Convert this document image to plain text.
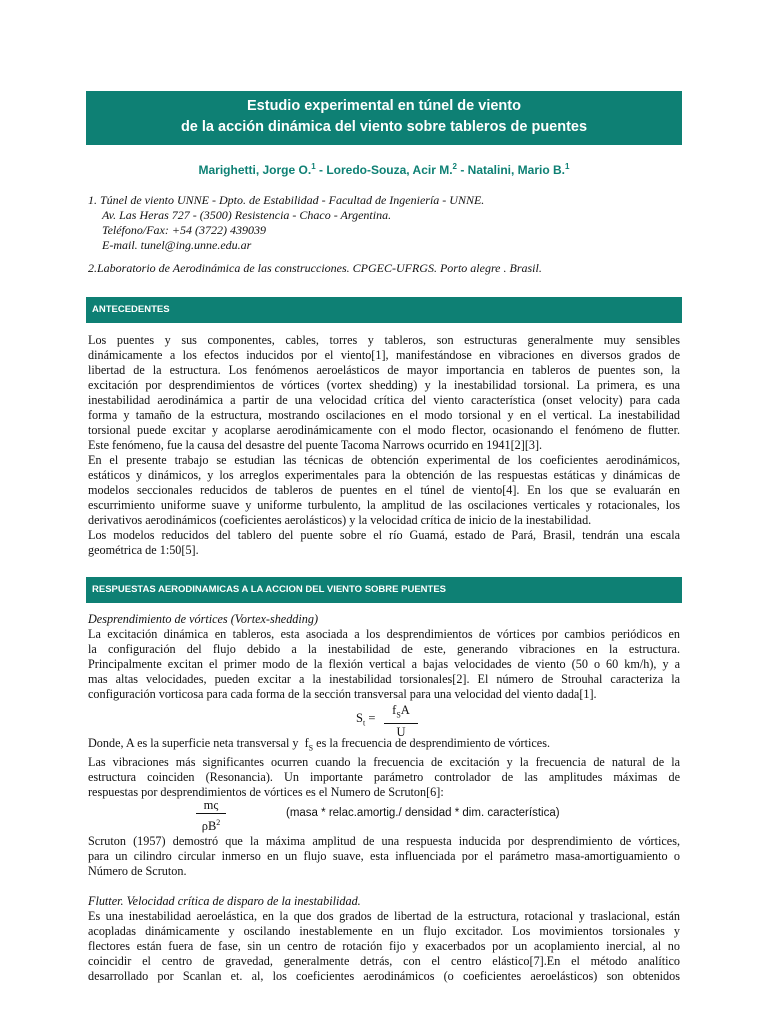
Estudio experimental en túnel de viento
de la acción dinámica del viento sobre tableros de puentes
Marighetti, Jorge O.$^1$ - Loredo-Souza, Acir M.$^2$ - Natalini, Mario B.$^1$
1. Túnel de viento UNNE - Dpto. de Estabilidad - Facultad de Ingeniería - UNNE.
Av. Las Heras 727 - (3500) Resistencia - Chaco - Argentina.
Teléfono/Fax: +54 (3722) 439039
E-mail. tunel@ing.unne.edu.ar
2.Laboratorio de Aerodinámica de las construcciones. CPGEC-UFRGS. Porto alegre . Brasil.
ANTECEDENTES
Los puentes y sus componentes, cables, torres y tableros, son estructuras generalmente muy sensibles
dinámicamente a los efectos inducidos por el viento[1], manifestándose en vibraciones en diversos grados de
libertad de la estructura. Los fenómenos aeroelásticos de mayor importancia en tableros de puentes son, la
excitación por desprendimientos de vórtices (vortex shedding) y la inestabilidad torsional. La primera, es una
inestabilidad aerodinámica a partir de una velocidad crítica del viento característica (onset velocity) para cada
forma y tamaño de la estructura, mostrando oscilaciones en el modo torsional y en el vertical. La inestabilidad
torsional puede excitar y acoplarse aerodinámicamente con el modo flector, ocasionando el fenómeno de flutter.
Este fenómeno, fue la causa del desastre del puente Tacoma Narrows ocurrido en 1941[2][3].
En el presente trabajo se estudian las técnicas de obtención experimental de los coeficientes aerodinámicos,
estáticos y dinámicos, y los arreglos experimentales para la obtención de las respuestas estáticas y dinámicas de
modelos seccionales reducidos de tableros de puentes en el túnel de viento[4]. En los que se evaluarán en
escurrimiento uniforme suave y uniforme turbulento, la amplitud de las oscilaciones verticales y rotacionales, los
derivativos aerodinámicos (coeficientes aerolásticos) y la velocidad crítica de inicio de la inestabilidad.
Los modelos reducidos del tablero del puente sobre el río Guamá, estado de Pará, Brasil, tendrán una escala
geométrica de 1:50[5].
RESPUESTAS AERODINAMICAS A LA ACCION DEL VIENTO SOBRE PUENTES
Desprendimiento de vórtices (Vortex-shedding)
La excitación dinámica en tableros, esta asociada a los desprendimientos de vórtices por cambios periódicos en
la configuración del flujo debido a la inestabilidad de este, generando vibraciones en la estructura.
Principalmente excitan el primer modo de la flexión vertical a bajas velocidades de viento (50 o 60 km/h), y a
mas altas velocidades, pueden excitar a la inestabilidad torsionales[2]. El número de Strouhal caracteriza la
configuración vorticosa para cada forma de la sección transversal para una velocidad del viento dada[1].
$S_t$ =
$f_SA$
U
Donde, A es la superficie neta transversal y  $f_S$ es la frecuencia de desprendimiento de vórtices.
Las vibraciones más significantes ocurren cuando la frecuencia de excitación y la frecuencia de natural de la
estructura coinciden (Resonancia). Un importante parámetro controlador de las amplitudes máximas de
respuestas por desprendimientos de vórtices es el Numero de Scruton[6]:
$\frac{m\varsigma}{\rho B^2}$	(masa * relac.amortig./ densidad * dim. característica)
Scruton (1957) demostró que la máxima amplitud de una respuesta inducida por desprendimiento de vórtices,
para un cilindro circular inmerso en un flujo suave, esta influenciada por el parámetro masa-amortiguamiento o
Número de Scruton.
Flutter. Velocidad crítica de disparo de la inestabilidad.
Es una inestabilidad aeroelástica, en la que dos grados de libertad de la estructura, rotacional y traslacional, están
acopladas dinámicamente y oscilando inestablemente en un flujo excitador. Los movimientos torsionales y
flectores están fuera de fase, sin un centro de rotación fijo y exacerbados por un acoplamiento inercial, al no
coincidir el centro de gravedad, generalmente detrás, con el centro elástico[7].En el método analítico
desarrollado por Scanlan et. al, los coeficientes aerodinámicos (o coeficientes aeroelásticos) son obtenidos
